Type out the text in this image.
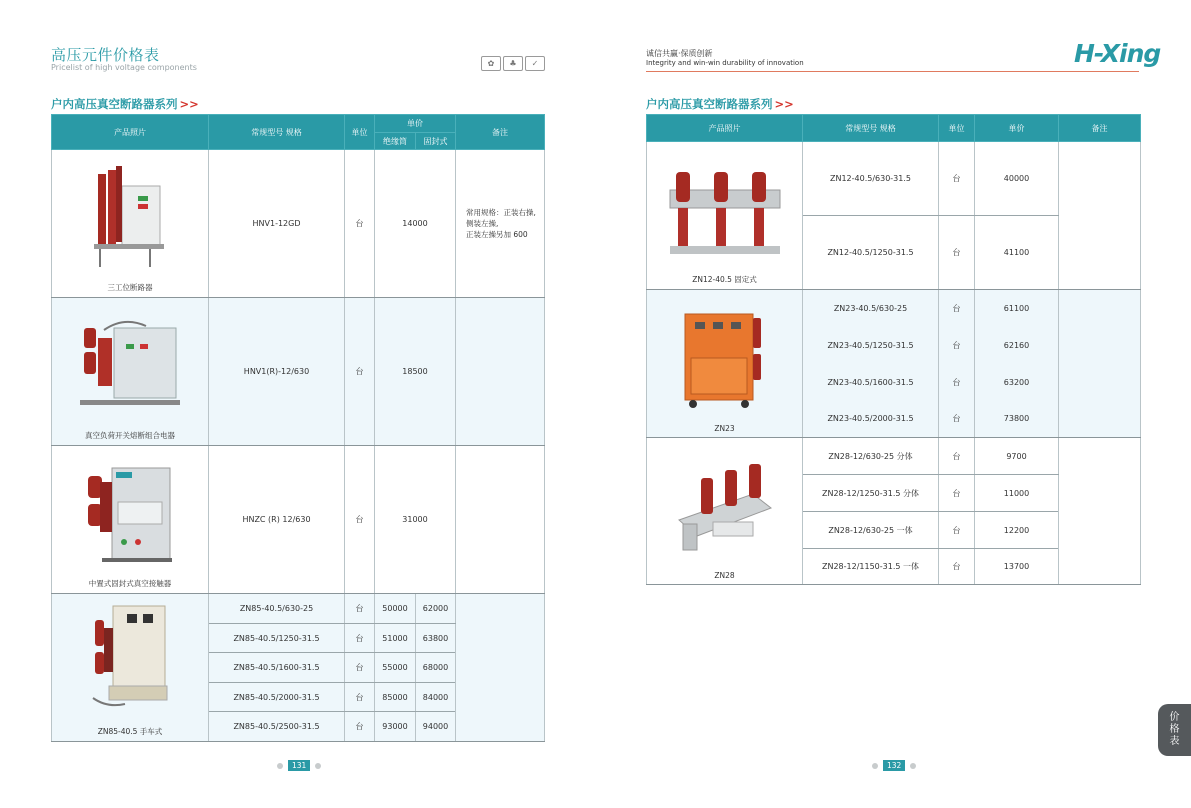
高压元件价格表
Pricelist of high voltage components	✿	♣	✓
户内高压真空断路器系列 >>
产品照片	常规型号 规格	单位	单价		备注
			绝缘筒	固封式	

三工位断路器	HNV1-12GD	台	14000		常用规格：正装右操,
侧装左操,
正装左操另加 600

真空负荷开关熔断组合电器	HNV1(R)-12/630	台	18500		

中置式固封式真空接触器	HNZC (R) 12/630	台	31000		

ZN85-40.5 手车式	ZN85-40.5/630-25	台	50000	62000	
	ZN85-40.5/1250-31.5	台	51000	63800	
	ZN85-40.5/1600-31.5	台	55000	68000	
	ZN85-40.5/2000-31.5	台	85000	84000	
	ZN85-40.5/2500-31.5	台	93000	94000	
131
诚信共赢·保质创新
Integrity and win-win durability of innovation	H-Xing
户内高压真空断路器系列 >>
产品照片	常规型号 规格	单位	单价	备注

ZN12-40.5 固定式	ZN12-40.5/630-31.5	台	40000	
	ZN12-40.5/1250-31.5	台	41100	

ZN23	ZN23-40.5/630-25	台	61100	
	ZN23-40.5/1250-31.5	台	62160	
	ZN23-40.5/1600-31.5	台	63200	
	ZN23-40.5/2000-31.5	台	73800	

ZN28	ZN28-12/630-25 分体	台	9700	
	ZN28-12/1250-31.5 分体	台	11000	
	ZN28-12/630-25 一体	台	12200	
	ZN28-12/1150-31.5 一体	台	13700	
132
价
格
表
